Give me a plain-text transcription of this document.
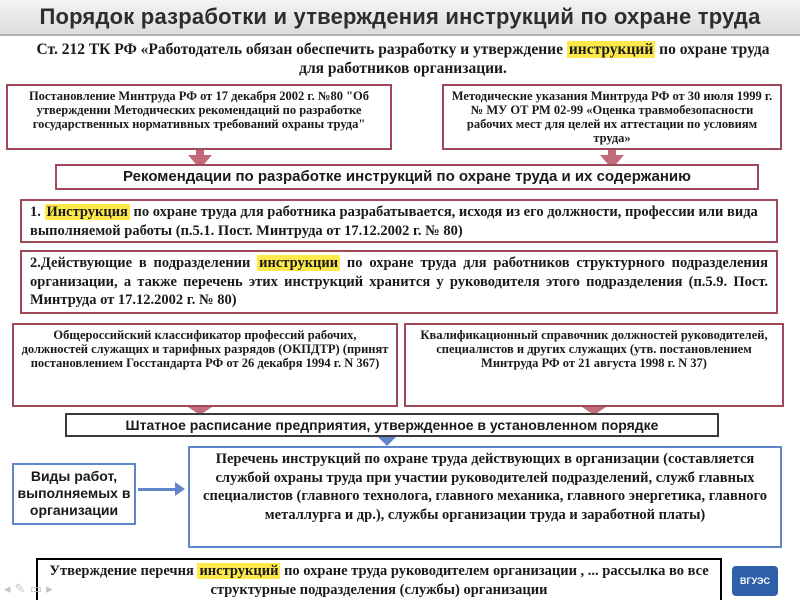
Порядок разработки и утверждения инструкций по охране труда
Ст. 212 ТК РФ «Работодатель обязан обеспечить разработку и утверждение инструкций по охране труда для работников организации.
Постановление Минтруда РФ от 17 декабря 2002 г. №80 "Об утверждении Методических рекомендаций по разработке государственных нормативных требований охраны труда"
Методические указания Минтруда РФ от 30 июля 1999 г. № МУ ОТ РМ 02-99 «Оценка травмобезопасности рабочих мест для целей их аттестации по условиям труда»
Рекомендации по разработке инструкций по охране труда и их содержанию
1. Инструкция по охране труда для работника разрабатывается, исходя из его должности, профессии или вида выполняемой работы (п.5.1. Пост. Минтруда от 17.12.2002 г. № 80)
2.Действующие в подразделении инструкции по охране труда для работников структурного подразделения организации, а также перечень этих инструкций хранится у руководителя этого подразделения (п.5.9. Пост. Минтруда от 17.12.2002 г. № 80)
Общероссийский классификатор профессий рабочих, должностей служащих и тарифных разрядов (ОКПДТР) (принят постановлением Госстандарта РФ от 26 декабря 1994 г. N 367)
Квалификационный справочник должностей руководителей, специалистов и других служащих (утв. постановлением Минтруда РФ от 21 августа 1998 г. N 37)
Штатное расписание предприятия, утвержденное в установленном порядке
Виды работ, выполняемых в организации
Перечень инструкций по охране труда действующих в организации (составляется службой охраны труда при участии руководителей подразделений, служб главных специалистов (главного технолога, главного механика, главного энергетика, главного металлурга и др.), службы организации труда и заработной платы)
Утверждение перечня инструкций по охране труда руководителем организации , ... рассылка во все структурные подразделения (службы) организации
ВГУЭС
◂ ✎ ▭ ▸
